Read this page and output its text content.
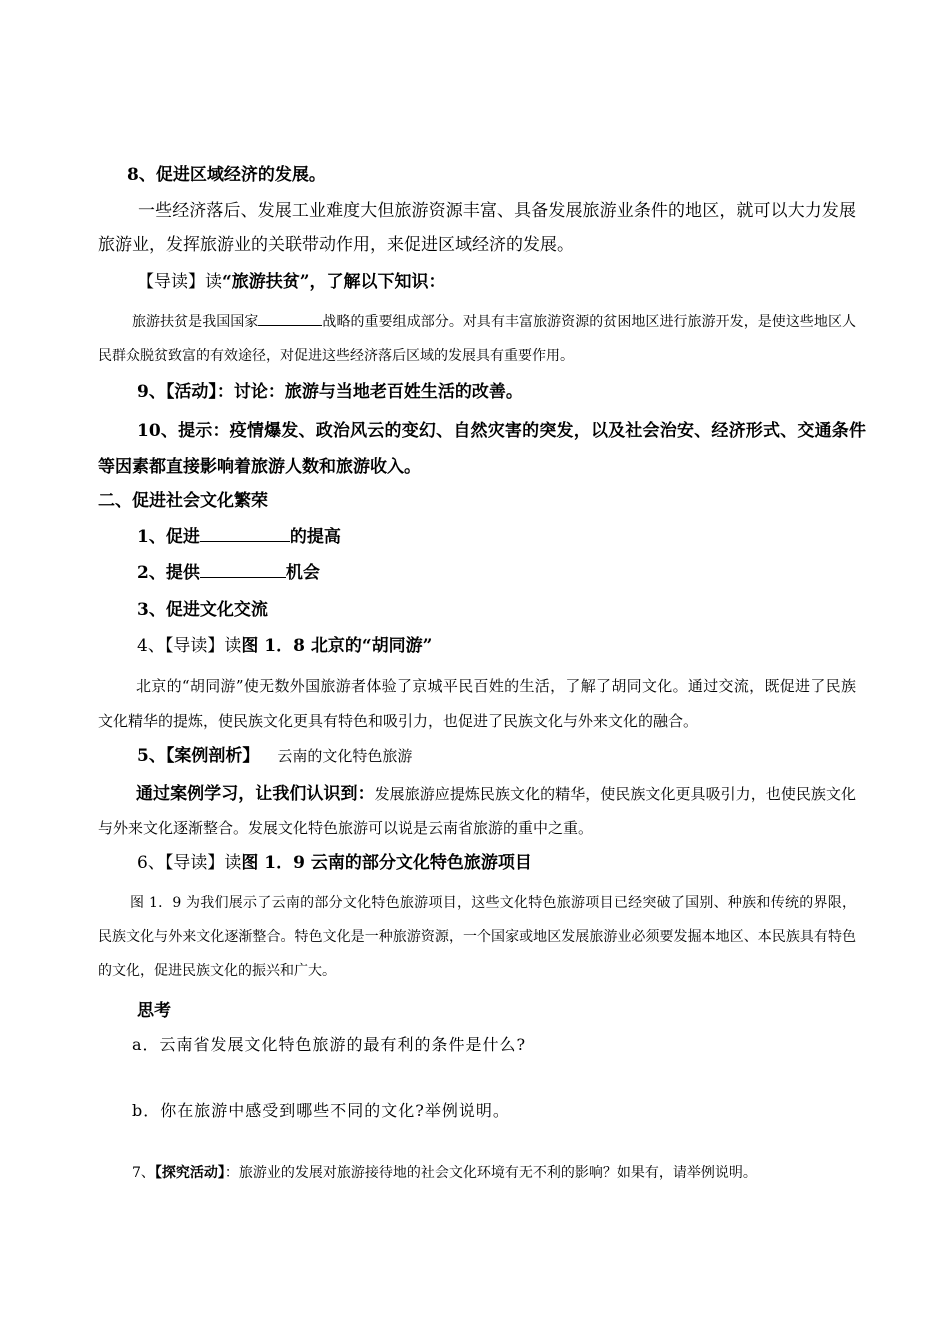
8、促进区域经济的发展。

一些经济落后、发展工业难度大但旅游资源丰富、具备发展旅游业条件的地区，就可以大力发展旅游业，发挥旅游业的关联带动作用，来促进区域经济的发展。

【导读】读“旅游扶贫”，了解以下知识：

旅游扶贫是我国国家	战略的重要组成部分。对具有丰富旅游资源的贫困地区进行旅游开发，是使这些地区人民群众脱贫致富的有效途径，对促进这些经济落后区域的发展具有重要作用。

9、【活动】：讨论：旅游与当地老百姓生活的改善。

10、提示：疫情爆发、政治风云的变幻、自然灾害的突发，以及社会治安、经济形式、交通条件等因素都直接影响着旅游人数和旅游收入。

二、促进社会文化繁荣

1、促进	的提高

2、提供	机会

3、促进文化交流

4、【导读】读图 1．8 北京的“胡同游”

北京的“胡同游”使无数外国旅游者体验了京城平民百姓的生活，了解了胡同文化。通过交流，既促进了民族文化精华的提炼，使民族文化更具有特色和吸引力，也促进了民族文化与外来文化的融合。

5、【案例剖析】 云南的文化特色旅游

通过案例学习，让我们认识到：发展旅游应提炼民族文化的精华，使民族文化更具吸引力，也使民族文化与外来文化逐渐整合。发展文化特色旅游可以说是云南省旅游的重中之重。

6、【导读】读图 1．9 云南的部分文化特色旅游项目

图 1．9 为我们展示了云南的部分文化特色旅游项目，这些文化特色旅游项目已经突破了国别、种族和传统的界限，民族文化与外来文化逐渐整合。特色文化是一种旅游资源，一个国家或地区发展旅游业必须要发掘本地区、本民族具有特色的文化，促进民族文化的振兴和广大。

思考

a．云南省发展文化特色旅游的最有利的条件是什么?

b．你在旅游中感受到哪些不同的文化?举例说明。

7、【探究活动】：旅游业的发展对旅游接待地的社会文化环境有无不利的影响？如果有，请举例说明。
